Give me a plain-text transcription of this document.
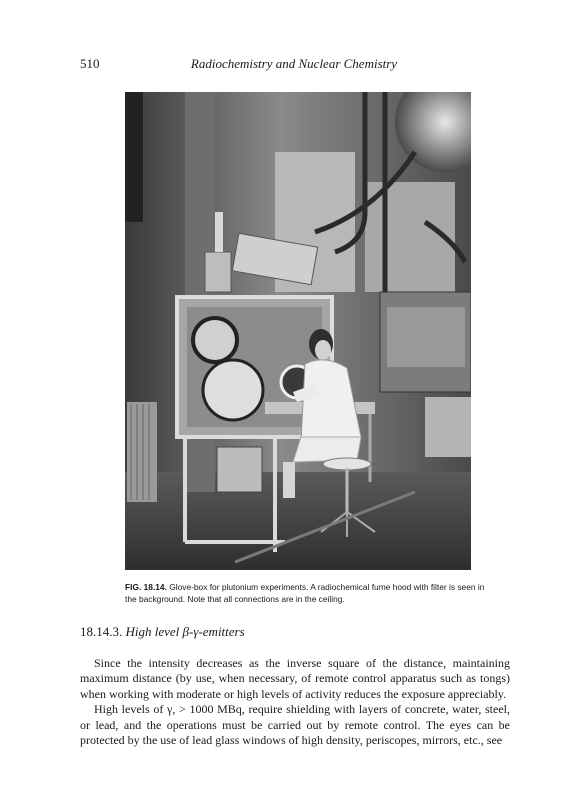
510	Radiochemistry and Nuclear Chemistry

FIG. 18.14. Glove-box for plutonium experiments. A radiochemical fume hood with filter is seen in the background. Note that all connections are in the ceiling.

18.14.3. High level β-γ-emitters

Since the intensity decreases as the inverse square of the distance, maintaining maximum distance (by use, when necessary, of remote control apparatus such as tongs) when working with moderate or high levels of activity reduces the exposure appreciably.

High levels of γ, > 1000 MBq, require shielding with layers of concrete, water, steel, or lead, and the operations must be carried out by remote control. The eyes can be protected by the use of lead glass windows of high density, periscopes, mirrors, etc., see
